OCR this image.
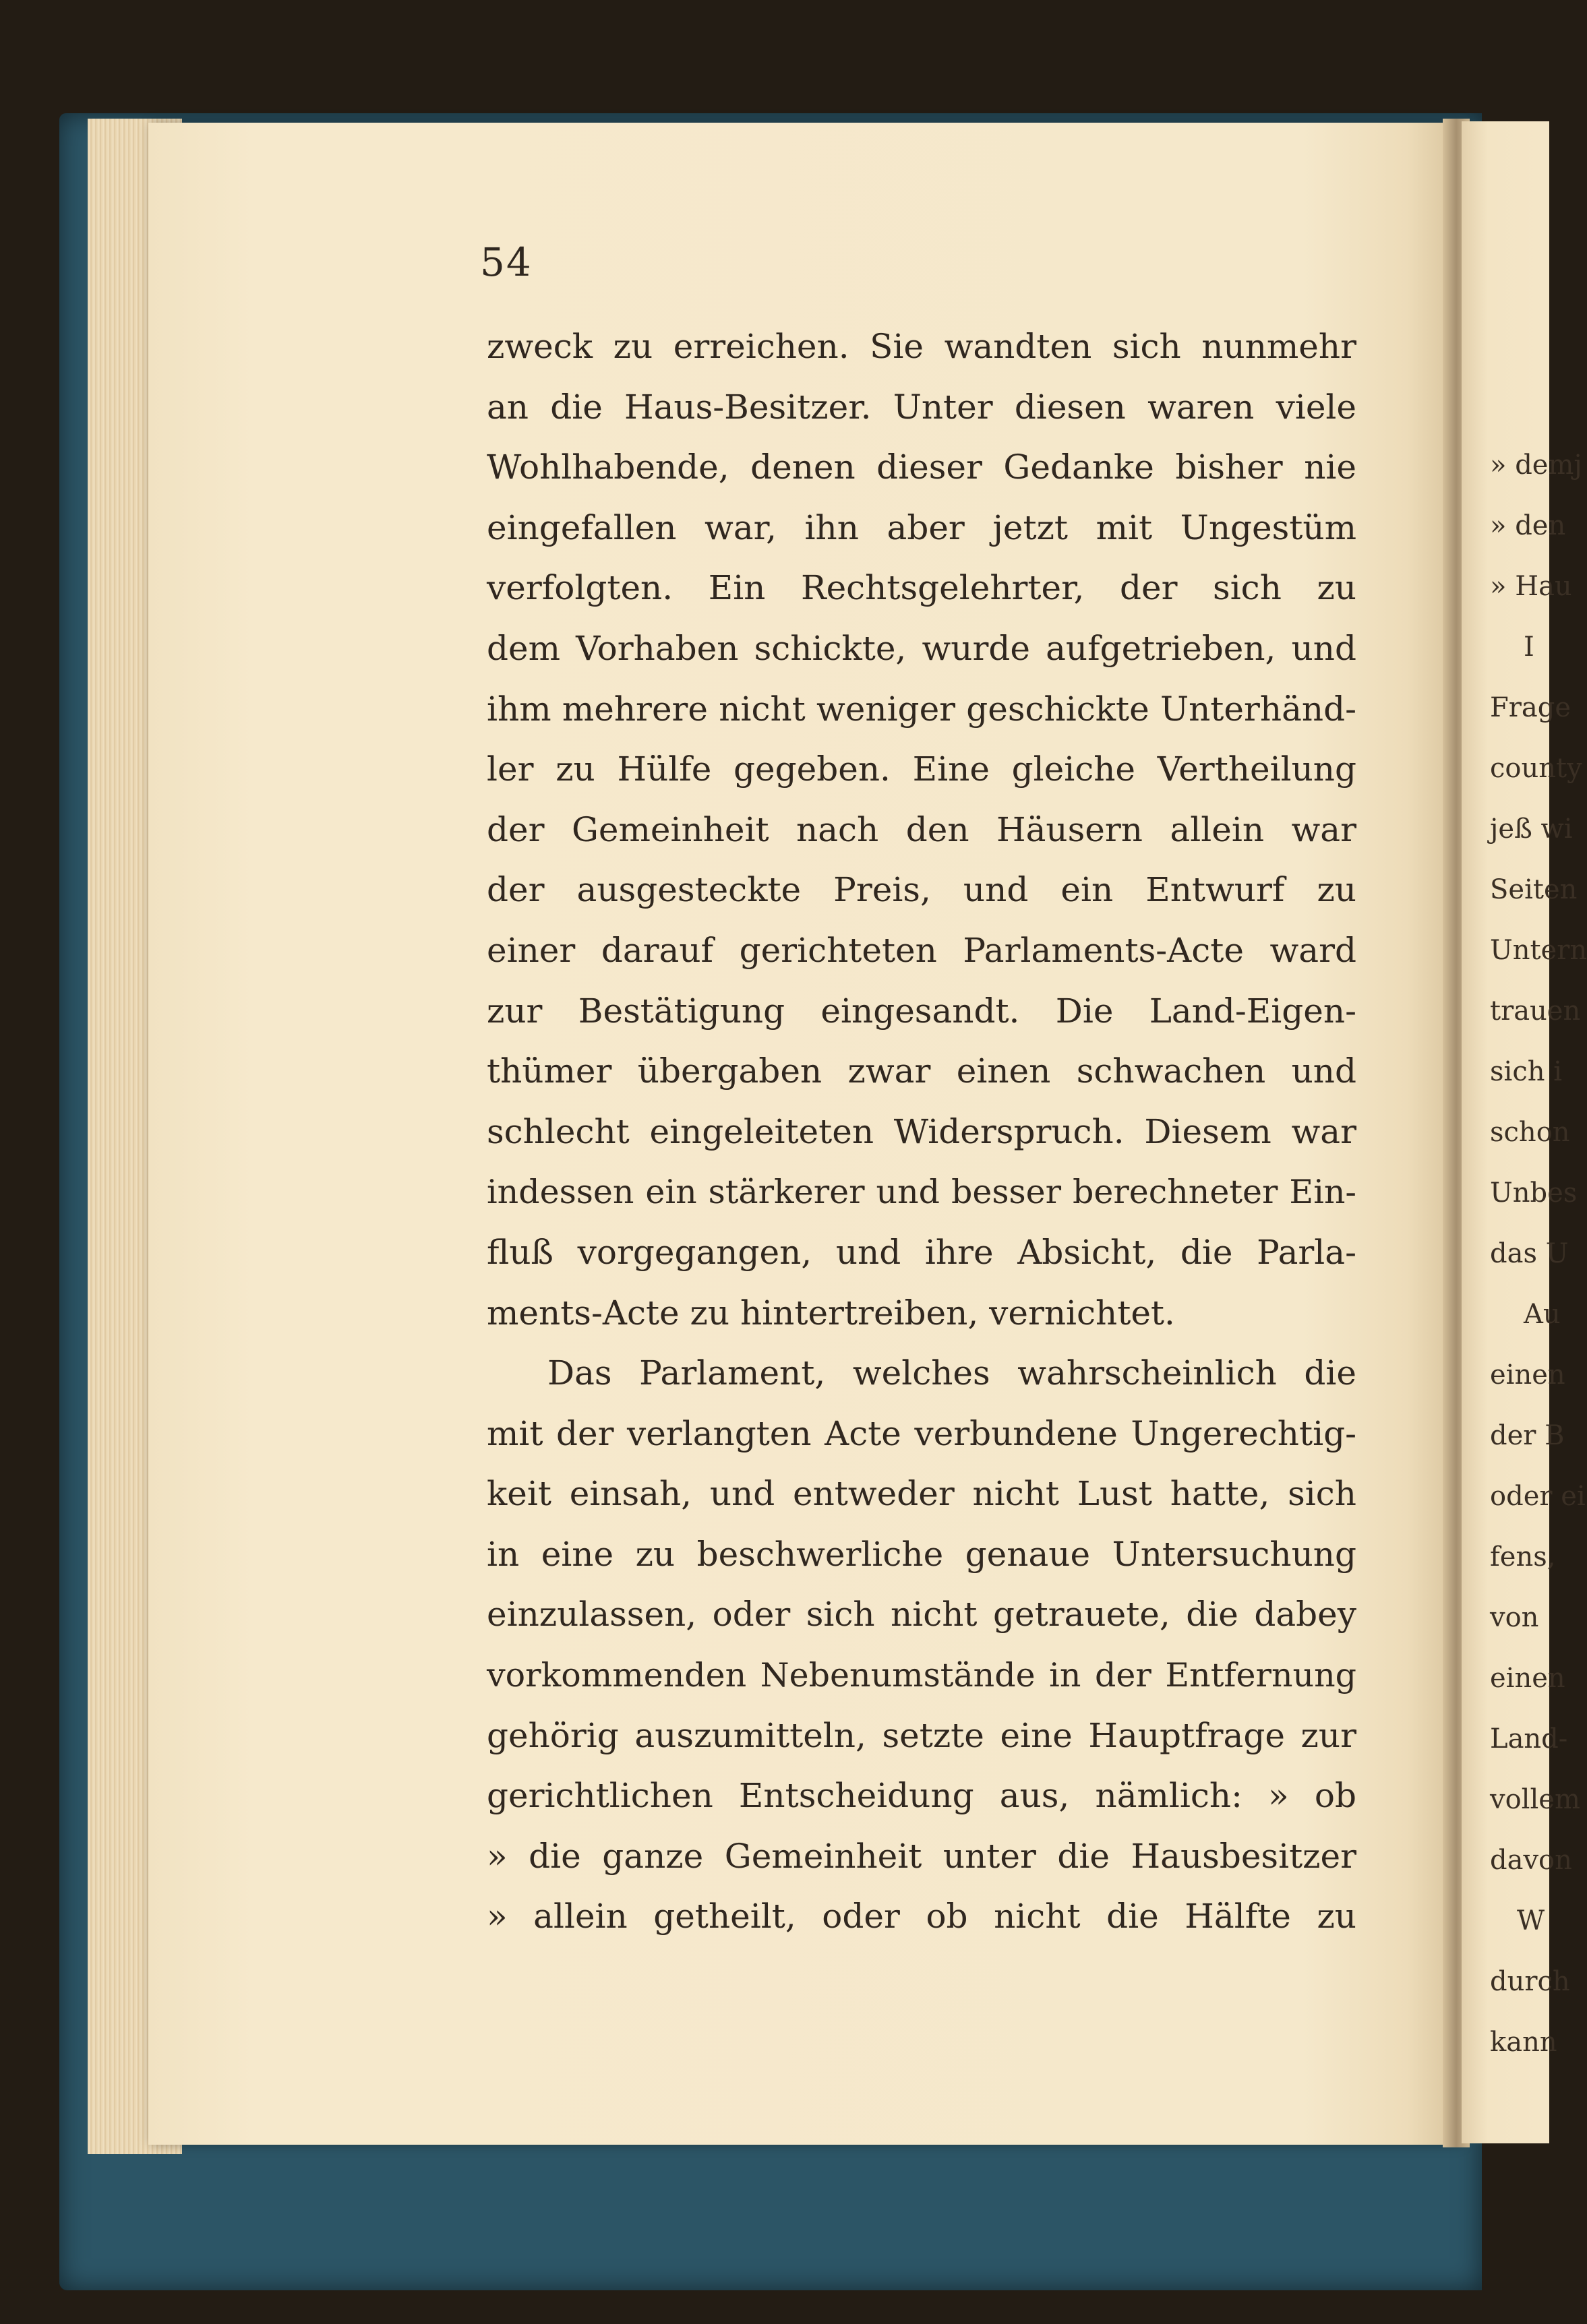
» demj
» den
» Hau
I
Frage
county
jeß wi
Seiten
Untern
trauen
sich i
schon
Unbes
das U
Au
einen
der B
oder ei
fens,
von
einen
Land-
vollem
davon
W
durch
kann
54
zweck zu erreichen. Sie wandten sich nunmehr
an die Haus-Besitzer. Unter diesen waren viele
Wohlhabende, denen dieser Gedanke bisher nie
eingefallen war, ihn aber jetzt mit Ungestüm
verfolgten. Ein Rechtsgelehrter, der sich zu
dem Vorhaben schickte, wurde aufgetrieben, und
ihm mehrere nicht weniger geschickte Unterhänd-
ler zu Hülfe gegeben. Eine gleiche Vertheilung
der Gemeinheit nach den Häusern allein war
der ausgesteckte Preis, und ein Entwurf zu
einer darauf gerichteten Parlaments-Acte ward
zur Bestätigung eingesandt. Die Land-Eigen-
thümer übergaben zwar einen schwachen und
schlecht eingeleiteten Widerspruch. Diesem war
indessen ein stärkerer und besser berechneter Ein-
fluß vorgegangen, und ihre Absicht, die Parla-
ments-Acte zu hintertreiben, vernichtet.
Das Parlament, welches wahrscheinlich die
mit der verlangten Acte verbundene Ungerechtig-
keit einsah, und entweder nicht Lust hatte, sich
in eine zu beschwerliche genaue Untersuchung
einzulassen, oder sich nicht getrauete, die dabey
vorkommenden Nebenumstände in der Entfernung
gehörig auszumitteln, setzte eine Hauptfrage zur
gerichtlichen Entscheidung aus, nämlich: » ob
» die ganze Gemeinheit unter die Hausbesitzer
» allein getheilt, oder ob nicht die Hälfte zu
